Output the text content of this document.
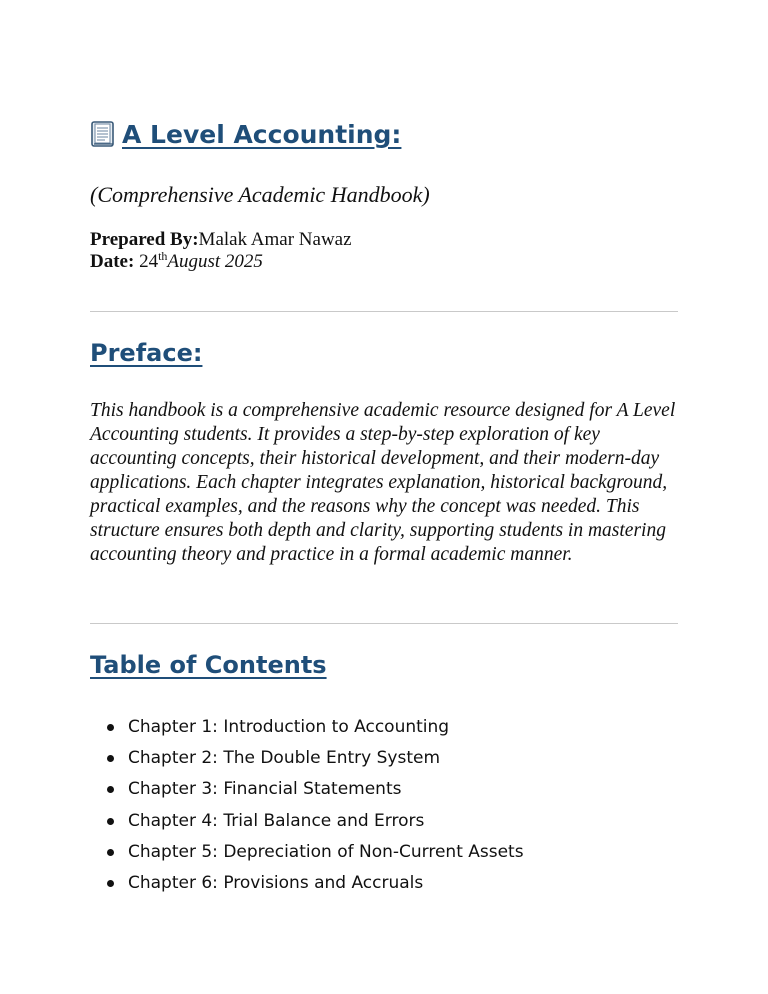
A Level Accounting:

(Comprehensive Academic Handbook)

Prepared By:Malak Amar Nawaz
Date: 24thAugust 2025
Preface:

This handbook is a comprehensive academic resource designed for A Level Accounting students. It provides a step-by-step exploration of key accounting concepts, their historical development, and their modern-day applications. Each chapter integrates explanation, historical background, practical examples, and the reasons why the concept was needed. This structure ensures both depth and clarity, supporting students in mastering accounting theory and practice in a formal academic manner.

Table of Contents
Chapter 1: Introduction to Accounting
Chapter 2: The Double Entry System
Chapter 3: Financial Statements
Chapter 4: Trial Balance and Errors
Chapter 5: Depreciation of Non-Current Assets
Chapter 6: Provisions and Accruals
